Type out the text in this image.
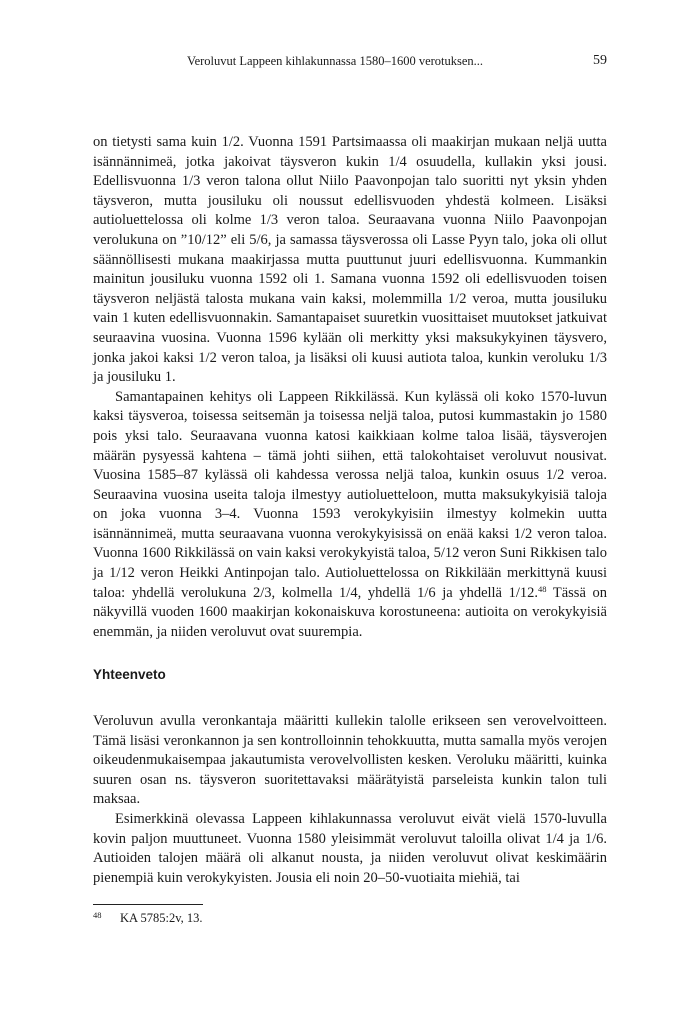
Veroluvut Lappeen kihlakunnassa 1580–1600 verotuksen...	59

on tietysti sama kuin 1/2. Vuonna 1591 Partsimaassa oli maakirjan mukaan neljä uutta isännännimeä, jotka jakoivat täysveron kukin 1/4 osuudella, kullakin yksi jousi. Edellisvuonna 1/3 veron talona ollut Niilo Paavonpojan talo suoritti nyt yksin yhden täysveron, mutta jousiluku oli noussut edellisvuoden yhdestä kolmeen. Lisäksi autioluettelossa oli kolme 1/3 veron taloa. Seuraavana vuonna Niilo Paavonpojan verolukuna on ”10/12” eli 5/6, ja samassa täysverossa oli Lasse Pyyn talo, joka oli ollut säännöllisesti mukana maakirjassa mutta puuttunut juuri edellisvuonna. Kummankin mainitun jousiluku vuonna 1592 oli 1. Samana vuonna 1592 oli edellisvuoden toisen täysveron neljästä talosta mukana vain kaksi, molemmilla 1/2 veroa, mutta jousiluku vain 1 kuten edellisvuonnakin. Samantapaiset suuretkin vuosittaiset muutokset jatkuivat seuraavina vuosina. Vuonna 1596 kylään oli merkitty yksi maksukykyinen täysvero, jonka jakoi kaksi 1/2 veron taloa, ja lisäksi oli kuusi autiota taloa, kunkin veroluku 1/3 ja jousiluku 1.

Samantapainen kehitys oli Lappeen Rikkilässä. Kun kylässä oli koko 1570-luvun kaksi täysveroa, toisessa seitsemän ja toisessa neljä taloa, putosi kummastakin jo 1580 pois yksi talo. Seuraavana vuonna katosi kaikkiaan kolme taloa lisää, täysverojen määrän pysyessä kahtena – tämä johti siihen, että talokohtaiset veroluvut nousivat. Vuosina 1585–87 kylässä oli kahdessa verossa neljä taloa, kunkin osuus 1/2 veroa. Seuraavina vuosina useita taloja ilmestyy autioluetteloon, mutta maksukykyisiä taloja on joka vuonna 3–4. Vuonna 1593 verokykyisiin ilmestyy kolmekin uutta isännännimeä, mutta seuraavana vuonna verokykyisissä on enää kaksi 1/2 veron taloa. Vuonna 1600 Rikkilässä on vain kaksi verokykyistä taloa, 5/12 veron Suni Rikkisen talo ja 1/12 veron Heikki Antinpojan talo. Autioluettelossa on Rikkilään merkittynä kuusi taloa: yhdellä verolukuna 2/3, kolmella 1/4, yhdellä 1/6 ja yhdellä 1/12.48 Tässä on näkyvillä vuoden 1600 maakirjan kokonaiskuva korostuneena: autioita on verokykyisiä enemmän, ja niiden veroluvut ovat suurempia.

Yhteenveto

Veroluvun avulla veronkantaja määritti kullekin talolle erikseen sen verovelvoitteen. Tämä lisäsi veronkannon ja sen kontrolloinnin tehokkuutta, mutta samalla myös verojen oikeudenmukaisempaa jakautumista verovelvollisten kesken. Veroluku määritti, kuinka suuren osan ns. täysveron suoritettavaksi määrätyistä parseleista kunkin talon tuli maksaa.

Esimerkkinä olevassa Lappeen kihlakunnassa veroluvut eivät vielä 1570-luvulla kovin paljon muuttuneet. Vuonna 1580 yleisimmät veroluvut taloilla olivat 1/4 ja 1/6. Autioiden talojen määrä oli alkanut nousta, ja niiden veroluvut olivat keskimäärin pienempiä kuin verokykyisten. Jousia eli noin 20–50-vuotiaita miehiä, tai

48 KA 5785:2v, 13.
